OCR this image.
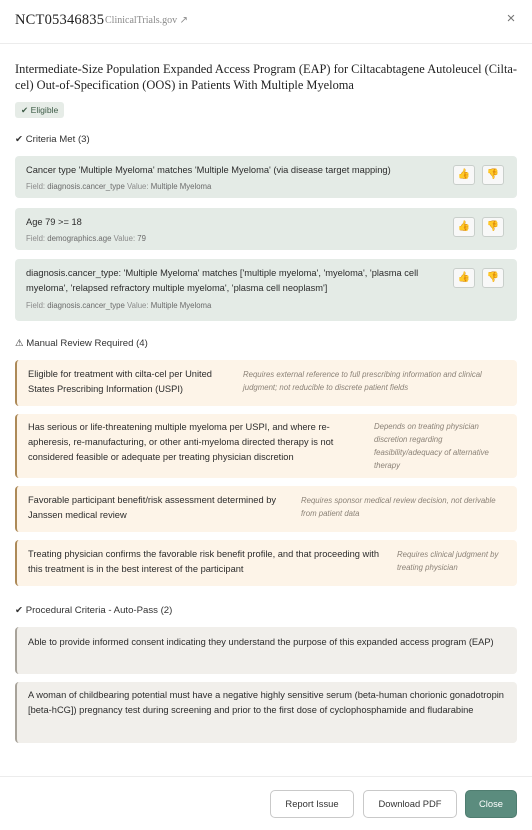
NCT05346835 ClinicalTrials.gov ↗	×
Intermediate-Size Population Expanded Access Program (EAP) for Ciltacabtagene Autoleucel (Cilta-cel) Out-of-Specification (OOS) in Patients With Multiple Myeloma
✔ Eligible
✔ Criteria Met (3)
Cancer type 'Multiple Myeloma' matches 'Multiple Myeloma' (via disease target mapping)
Field: diagnosis.cancer_type Value: Multiple Myeloma
👍	👎
Age 79 >= 18
Field: demographics.age Value: 79
👍	👎
diagnosis.cancer_type: 'Multiple Myeloma' matches ['multiple myeloma', 'myeloma', 'plasma cell myeloma', 'relapsed refractory multiple myeloma', 'plasma cell neoplasm']
Field: diagnosis.cancer_type Value: Multiple Myeloma
👍	👎
⚠ Manual Review Required (4)
Eligible for treatment with cilta-cel per United States Prescribing Information (USPI)
Requires external reference to full prescribing information and clinical judgment; not reducible to discrete patient fields
Has serious or life-threatening multiple myeloma per USPI, and where re-apheresis, re-manufacturing, or other anti-myeloma directed therapy is not considered feasible or adequate per treating physician discretion
Depends on treating physician discretion regarding feasibility/adequacy of alternative therapy
Favorable participant benefit/risk assessment determined by Janssen medical review
Requires sponsor medical review decision, not derivable from patient data
Treating physician confirms the favorable risk benefit profile, and that proceeding with this treatment is in the best interest of the participant
Requires clinical judgment by treating physician
✔ Procedural Criteria - Auto-Pass (2)
Able to provide informed consent indicating they understand the purpose of this expanded access program (EAP)
A woman of childbearing potential must have a negative highly sensitive serum (beta-human chorionic gonadotropin [beta-hCG]) pregnancy test during screening and prior to the first dose of cyclophosphamide and fludarabine
Report Issue	Download PDF	Close
